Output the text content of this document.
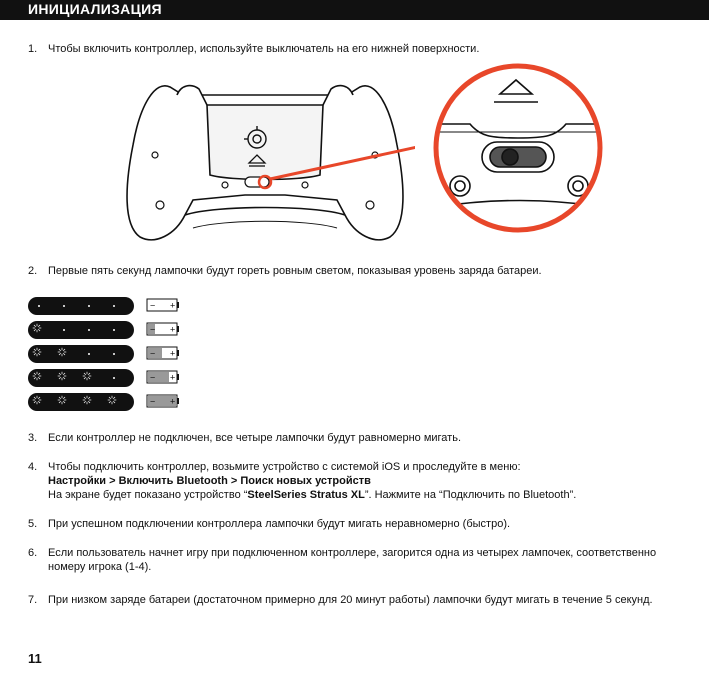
ИНИЦИАЛИЗАЦИЯ
1. Чтобы включить контроллер, используйте выключатель на его нижней поверхности.
2. Первые пять секунд лампочки будут гореть ровным светом, показывая уровень заряда батареи.
− +
− +
− +
− +
− +
3. Если контроллер не подключен, все четыре лампочки будут равномерно мигать.
4. Чтобы подключить контроллер, возьмите устройство с системой iOS и проследуйте в меню:
Настройки > Включить Bluetooth > Поиск новых устройств
На экране будет показано устройство “SteelSeries Stratus XL”. Нажмите на “Подключить по Bluetooth”.
5. При успешном подключении контроллера лампочки будут мигать неравномерно (быстро).
6. Если пользователь начнет игру при подключенном контроллере, загорится одна из четырех лампочек, соответственно номеру игрока (1-4).
7. При низком заряде батареи (достаточном примерно для 20 минут работы) лампочки будут мигать в течение 5 секунд.
11
